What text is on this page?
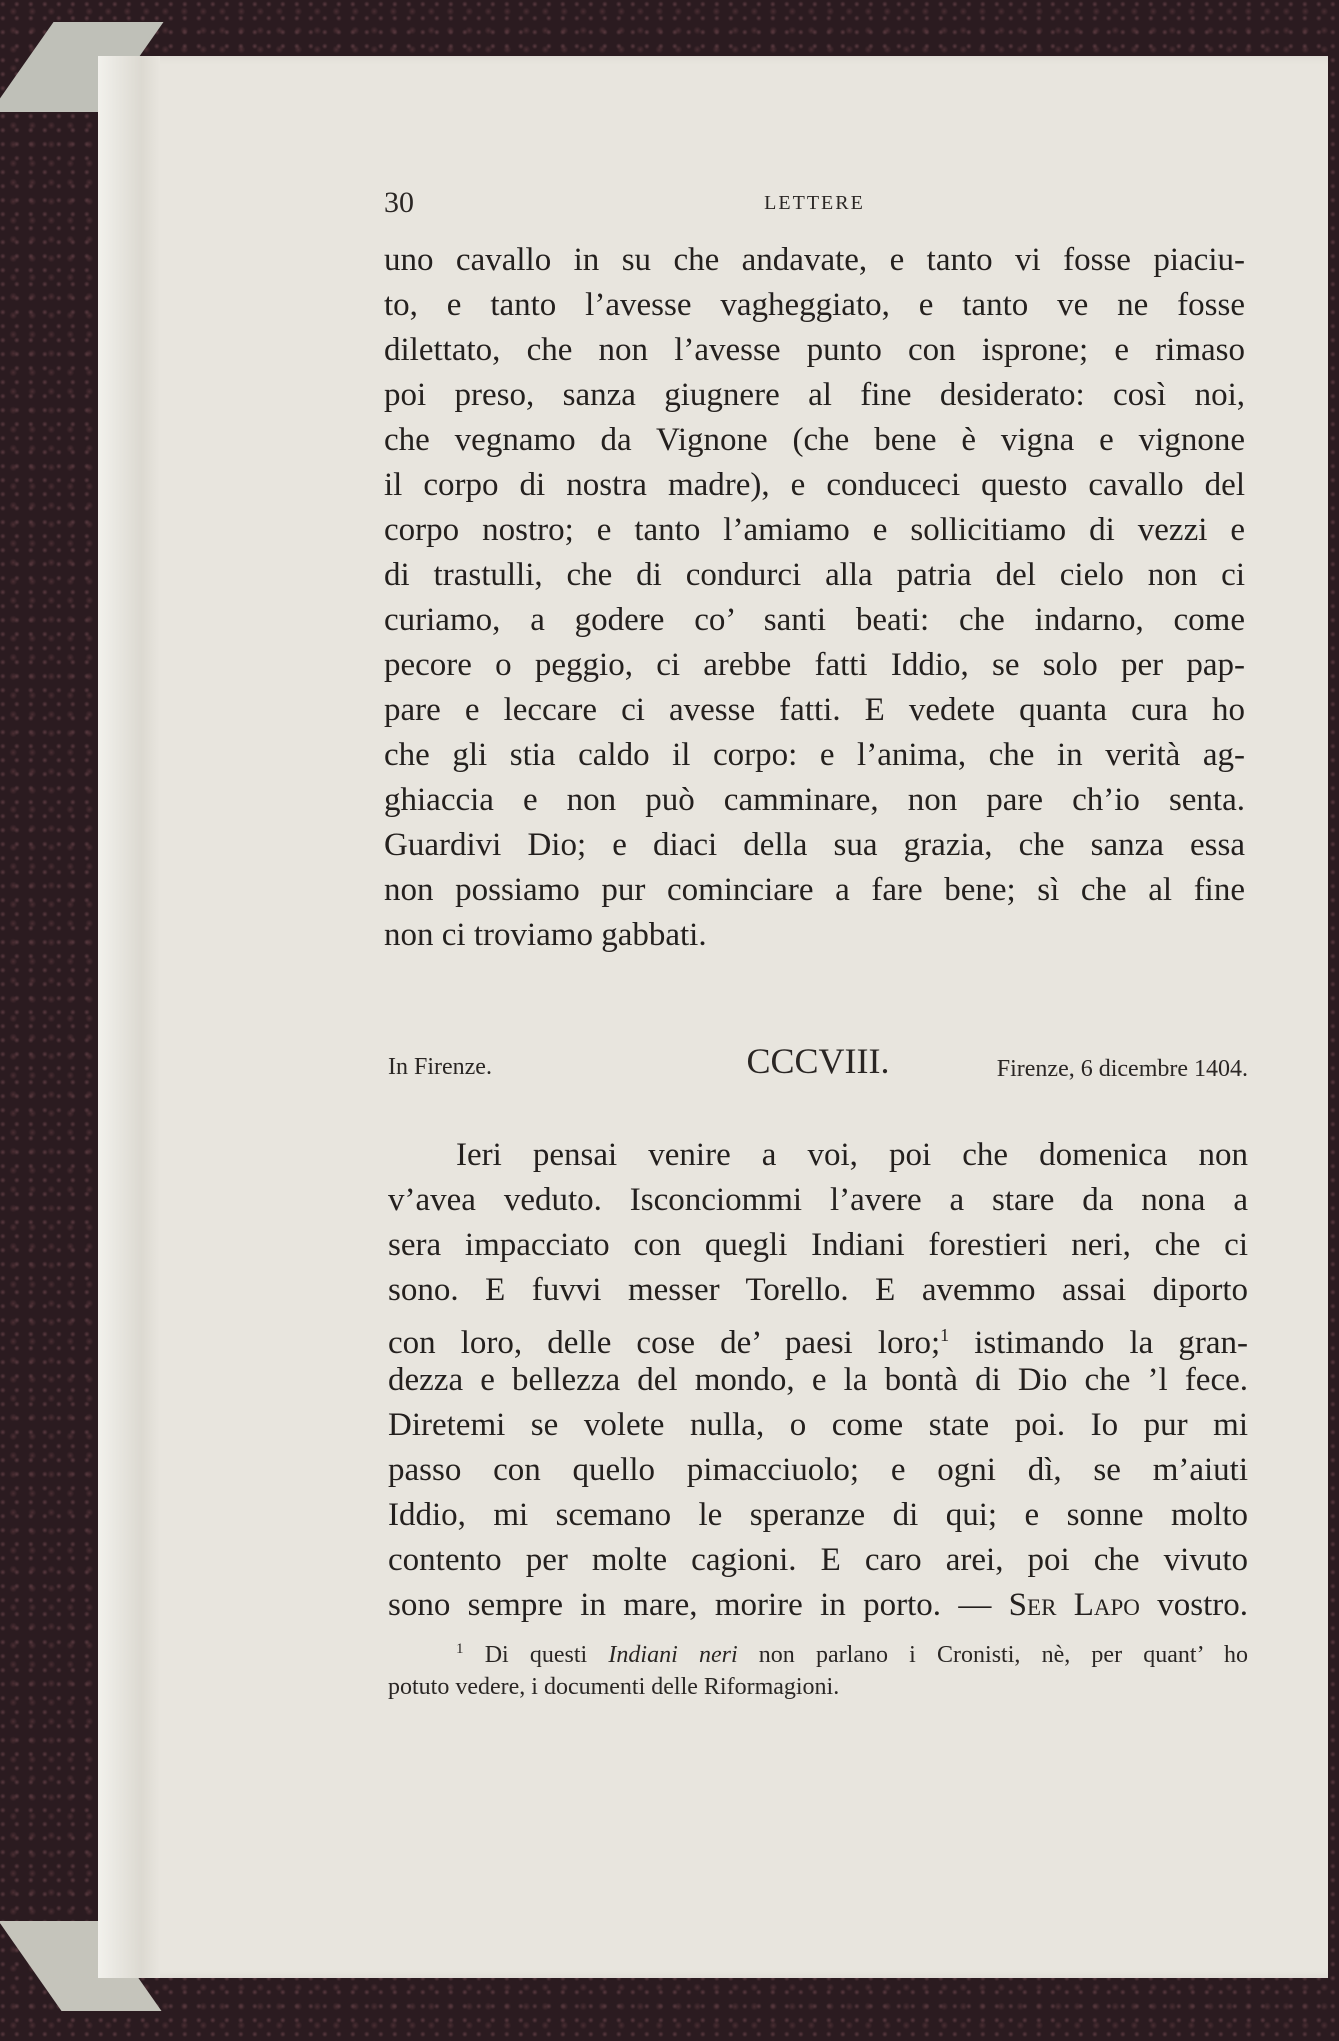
30	LETTERE
uno cavallo in su che andavate, e tanto vi fosse piaciu-
to, e tanto l’avesse vagheggiato, e tanto ve ne fosse
dilettato, che non l’avesse punto con isprone; e rimaso
poi preso, sanza giugnere al fine desiderato: così noi,
che vegnamo da Vignone (che bene è vigna e vignone
il corpo di nostra madre), e conduceci questo cavallo del
corpo nostro; e tanto l’amiamo e sollicitiamo di vezzi e
di trastulli, che di condurci alla patria del cielo non ci
curiamo, a godere co’ santi beati: che indarno, come
pecore o peggio, ci arebbe fatti Iddio, se solo per pap-
pare e leccare ci avesse fatti. E vedete quanta cura ho
che gli stia caldo il corpo: e l’anima, che in verità ag-
ghiaccia e non può camminare, non pare ch’io senta.
Guardivi Dio; e diaci della sua grazia, che sanza essa
non possiamo pur cominciare a fare bene; sì che al fine
non ci troviamo gabbati.
In Firenze.	CCCVIII.	Firenze, 6 dicembre 1404.
Ieri pensai venire a voi, poi che domenica non
v’avea veduto. Isconciommi l’avere a stare da nona a
sera impacciato con quegli Indiani forestieri neri, che ci
sono. E fuvvi messer Torello. E avemmo assai diporto
con loro, delle cose de’ paesi loro;$^1$ istimando la gran-
dezza e bellezza del mondo, e la bontà di Dio che ’l fece.
Diretemi se volete nulla, o come state poi. Io pur mi
passo con quello pimacciuolo; e ogni dì, se m’aiuti
Iddio, mi scemano le speranze di qui; e sonne molto
contento per molte cagioni. E caro arei, poi che vivuto
sono sempre in mare, morire in porto. — Ser Lapo vostro.
$^1$ Di questi Indiani neri non parlano i Cronisti, nè, per quant’ ho
potuto vedere, i documenti delle Riformagioni.
